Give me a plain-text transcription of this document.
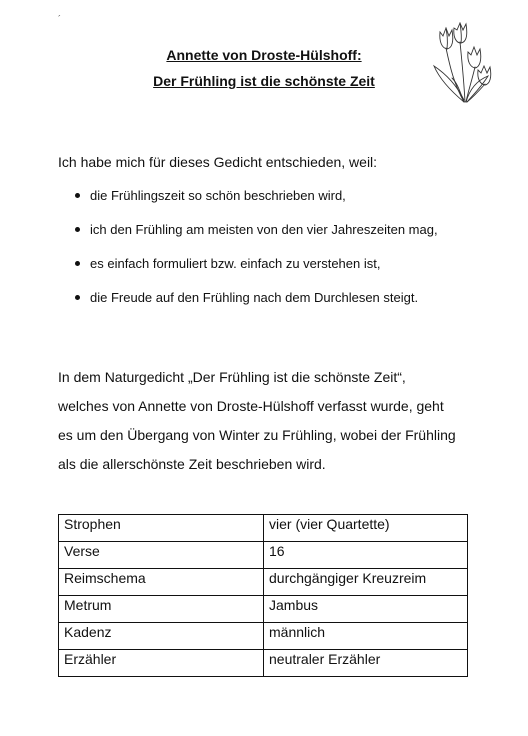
´
Annette von Droste-Hülshoff:
Der Frühling ist die schönste Zeit
Ich habe mich für dieses Gedicht entschieden, weil:
die Frühlingszeit so schön beschrieben wird,
ich den Frühling am meisten von den vier Jahreszeiten mag,
es einfach formuliert bzw. einfach zu verstehen ist,
die Freude auf den Frühling nach dem Durchlesen steigt.
In dem Naturgedicht „Der Frühling ist die schönste Zeit“,
welches von Annette von Droste-Hülshoff verfasst wurde, geht
es um den Übergang von Winter zu Frühling, wobei der Frühling
als die allerschönste Zeit beschrieben wird.
Strophen	vier (vier Quartette)
Verse	16
Reimschema	durchgängiger Kreuzreim
Metrum	Jambus
Kadenz	männlich
Erzähler	neutraler Erzähler
